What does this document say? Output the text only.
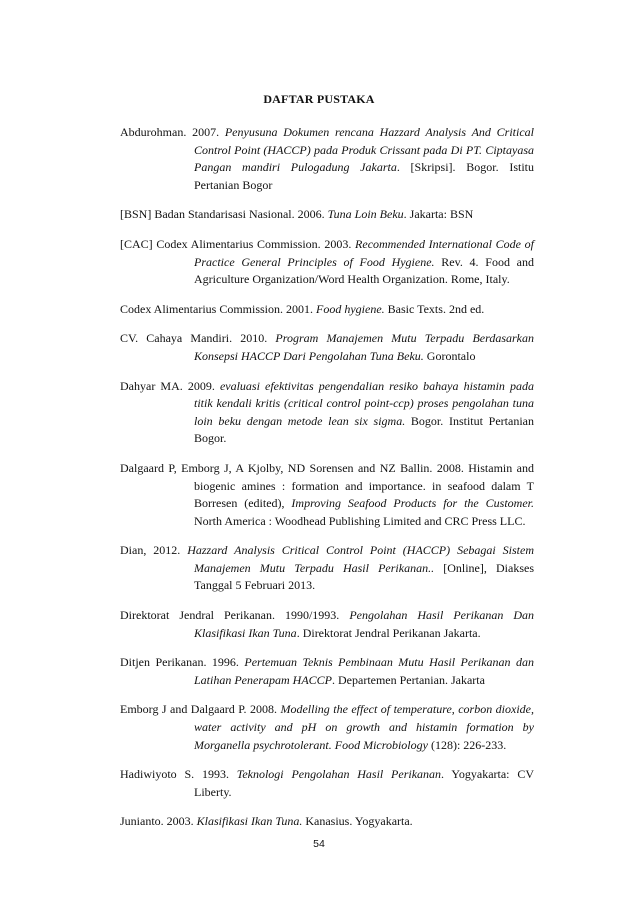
DAFTAR PUSTAKA
Abdurohman. 2007. Penyusuna Dokumen rencana Hazzard Analysis And Critical Control Point (HACCP) pada Produk Crissant pada Di PT. Ciptayasa Pangan mandiri Pulogadung Jakarta. [Skripsi]. Bogor. Istitu Pertanian Bogor
[BSN] Badan Standarisasi Nasional. 2006. Tuna Loin Beku. Jakarta: BSN
[CAC] Codex Alimentarius Commission. 2003. Recommended International Code of Practice General Principles of Food Hygiene. Rev. 4. Food and Agriculture Organization/Word Health Organization. Rome, Italy.
Codex Alimentarius Commission. 2001. Food hygiene. Basic Texts. 2nd ed.
CV. Cahaya Mandiri. 2010. Program Manajemen Mutu Terpadu Berdasarkan Konsepsi HACCP Dari Pengolahan Tuna Beku. Gorontalo
Dahyar MA. 2009. evaluasi efektivitas pengendalian resiko bahaya histamin pada titik kendali kritis (critical control point-ccp) proses pengolahan tuna loin beku dengan metode lean six sigma. Bogor. Institut Pertanian Bogor.
Dalgaard P, Emborg J, A Kjolby, ND Sorensen and NZ Ballin. 2008. Histamin and biogenic amines : formation and importance. in seafood dalam T Borresen (edited), Improving Seafood Products for the Customer. North America : Woodhead Publishing Limited and CRC Press LLC.
Dian, 2012. Hazzard Analysis Critical Control Point (HACCP) Sebagai Sistem Manajemen Mutu Terpadu Hasil Perikanan.. [Online], Diakses Tanggal 5 Februari 2013.
Direktorat Jendral Perikanan. 1990/1993. Pengolahan Hasil Perikanan Dan Klasifikasi Ikan Tuna. Direktorat Jendral Perikanan Jakarta.
Ditjen Perikanan. 1996. Pertemuan Teknis Pembinaan Mutu Hasil Perikanan dan Latihan Penerapam HACCP. Departemen Pertanian. Jakarta
Emborg J and Dalgaard P. 2008. Modelling the effect of temperature, corbon dioxide, water activity and pH on growth and histamin formation by Morganella psychrotolerant. Food Microbiology (128): 226-233.
Hadiwiyoto S. 1993. Teknologi Pengolahan Hasil Perikanan. Yogyakarta: CV Liberty.
Junianto. 2003. Klasifikasi Ikan Tuna. Kanasius. Yogyakarta.
54
